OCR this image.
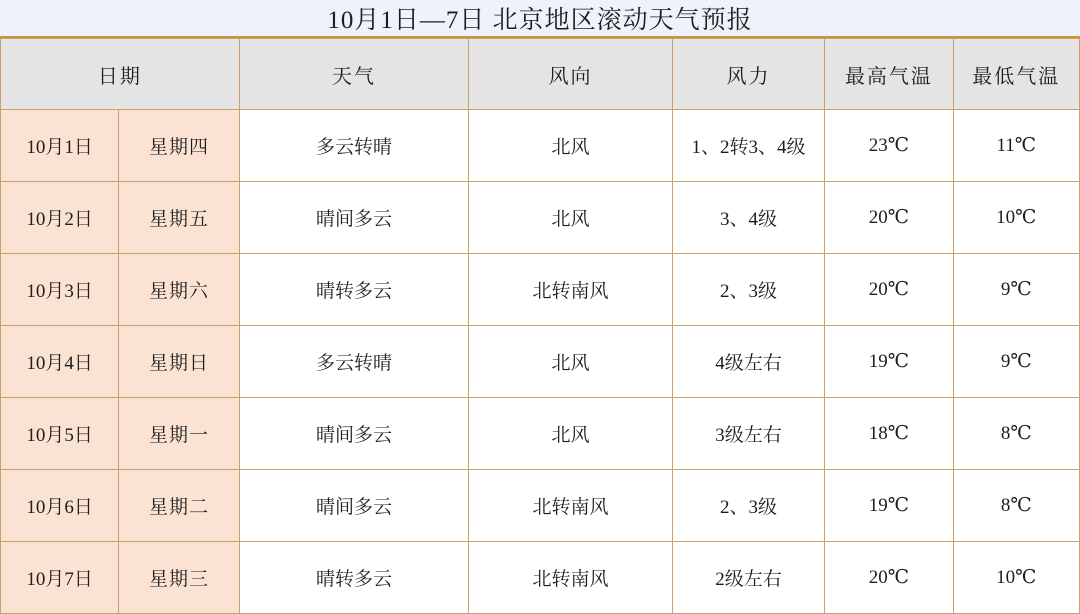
10月1日—7日 北京地区滚动天气预报
日期		天气	风向	风力	最高气温	最低气温
10月1日	星期四	多云转晴	北风	1、2转3、4级	23℃	11℃
10月2日	星期五	晴间多云	北风	3、4级	20℃	10℃
10月3日	星期六	晴转多云	北转南风	2、3级	20℃	9℃
10月4日	星期日	多云转晴	北风	4级左右	19℃	9℃
10月5日	星期一	晴间多云	北风	3级左右	18℃	8℃
10月6日	星期二	晴间多云	北转南风	2、3级	19℃	8℃
10月7日	星期三	晴转多云	北转南风	2级左右	20℃	10℃
